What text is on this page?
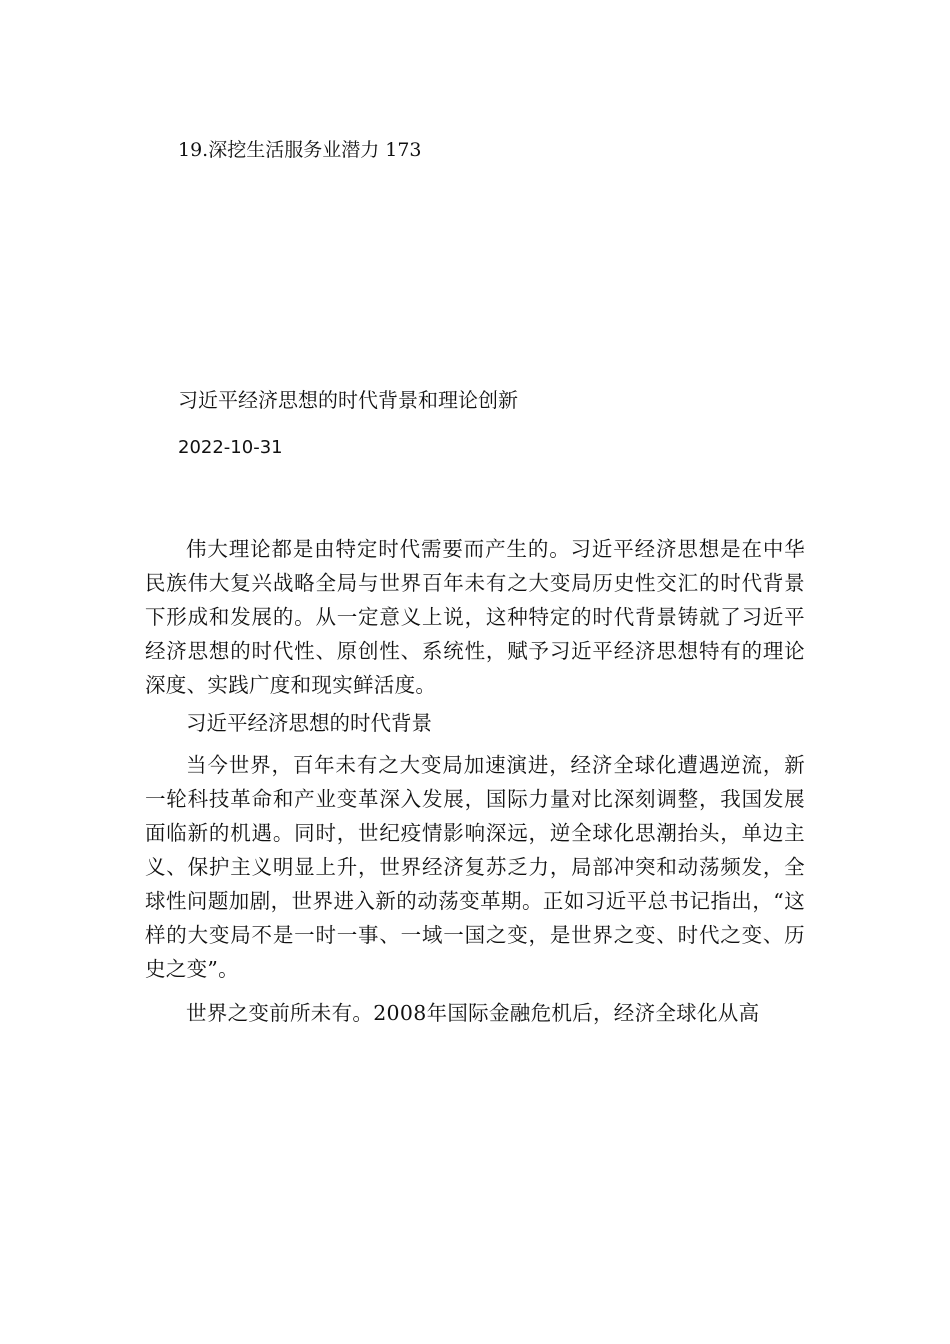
19.深挖生活服务业潜力 173
习近平经济思想的时代背景和理论创新
2022-10-31

伟大理论都是由特定时代需要而产生的。习近平经济思想是在中华民族伟大复兴战略全局与世界百年未有之大变局历史性交汇的时代背景下形成和发展的。从一定意义上说，这种特定的时代背景铸就了习近平经济思想的时代性、原创性、系统性，赋予习近平经济思想特有的理论深度、实践广度和现实鲜活度。

习近平经济思想的时代背景

当今世界，百年未有之大变局加速演进，经济全球化遭遇逆流，新一轮科技革命和产业变革深入发展，国际力量对比深刻调整，我国发展面临新的机遇。同时，世纪疫情影响深远，逆全球化思潮抬头，单边主义、保护主义明显上升，世界经济复苏乏力，局部冲突和动荡频发，全球性问题加剧，世界进入新的动荡变革期。正如习近平总书记指出，“这样的大变局不是一时一事、一域一国之变，是世界之变、时代之变、历史之变”。

世界之变前所未有。2008年国际金融危机后，经济全球化从高
